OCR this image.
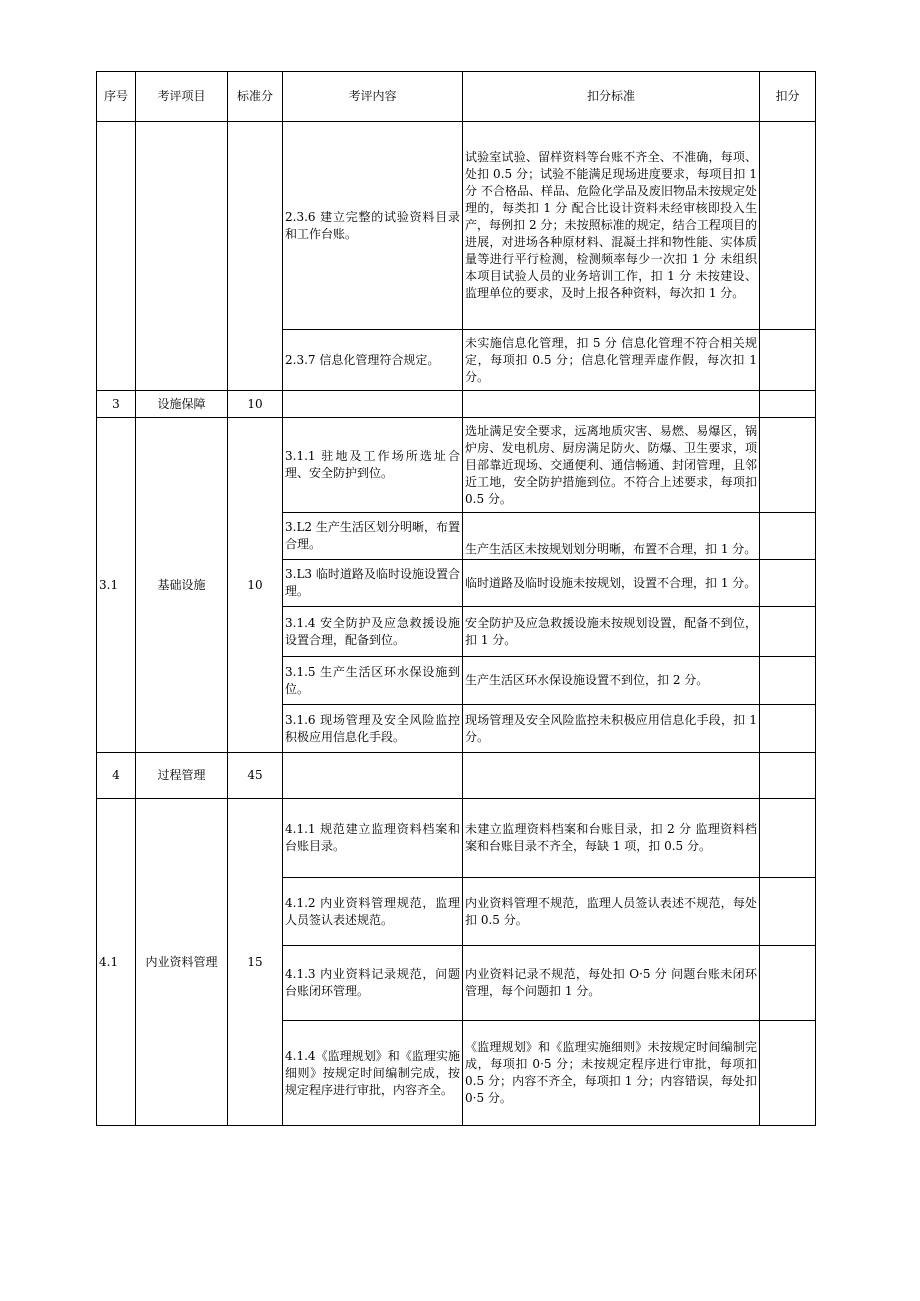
序号	考评项目	标准分	考评内容	扣分标准	扣分
			2.3.6 建立完整的试验资料目录和工作台账。	试验室试验、留样资料等台账不齐全、不准确，每项、处扣 0.5 分；试验不能满足现场进度要求，每项目扣 1 分 不合格品、样品、危险化学品及废旧物品未按规定处理的，每类扣 1 分 配合比设计资料未经审核即投入生产，每例扣 2 分；未按照标准的规定，结合工程项目的进展，对进场各种原材料、混凝土拌和物性能、实体质量等进行平行检测，检测频率每少一次扣 1 分 未组织本项目试验人员的业务培训工作，扣 1 分 未按建设、监理单位的要求，及时上报各种资料，每次扣 1 分。	
			2.3.7 信息化管理符合规定。	未实施信息化管理，扣 5 分 信息化管理不符合相关规定，每项扣 0.5 分；信息化管理弄虚作假，每次扣 1 分。	
3	设施保障	10			
3.1	基础设施	10	3.1.1 驻地及工作场所选址合理、安全防护到位。	选址满足安全要求，远离地质灾害、易燃、易爆区，锅炉房、发电机房、厨房满足防火、防爆、卫生要求，项目部靠近现场、交通便利、通信畅通、封闭管理，且邻近工地，安全防护措施到位。不符合上述要求，每项扣 0.5 分。	
			3.L2 生产生活区划分明晰，布置合理。	生产生活区未按规划划分明晰，布置不合理，扣 1 分。	
			3.L3 临时道路及临时设施设置合理。	临时道路及临时设施未按规划，设置不合理，扣 1 分。	
			3.1.4 安全防护及应急救援设施设置合理，配备到位。	安全防护及应急救援设施未按规划设置，配备不到位，扣 1 分。	
			3.1.5 生产生活区环水保设施到位。	生产生活区环水保设施设置不到位，扣 2 分。	
			3.1.6 现场管理及安全风险监控积极应用信息化手段。	现场管理及安全风险监控未积极应用信息化手段，扣 1 分。	
4	过程管理	45			
4.1	内业资料管理	15	4.1.1 规范建立监理资料档案和台账目录。	未建立监理资料档案和台账目录，扣 2 分 监理资料档案和台账目录不齐全，每缺 1 项，扣 0.5 分。	
			4.1.2 内业资料管理规范，监理人员签认表述规范。	内业资料管理不规范，监理人员签认表述不规范，每处扣 0.5 分。	
			4.1.3 内业资料记录规范，问题台账闭环管理。	内业资料记录不规范，每处扣 O·5 分 问题台账未闭环管理，每个问题扣 1 分。	
			4.1.4《监理规划》和《监理实施细则》按规定时间编制完成，按规定程序进行审批，内容齐全。	《监理规划》和《监理实施细则》未按规定时间编制完成，每项扣 0·5 分；未按规定程序进行审批，每项扣 0.5 分；内容不齐全，每项扣 1 分；内容错误，每处扣 0·5 分。	
